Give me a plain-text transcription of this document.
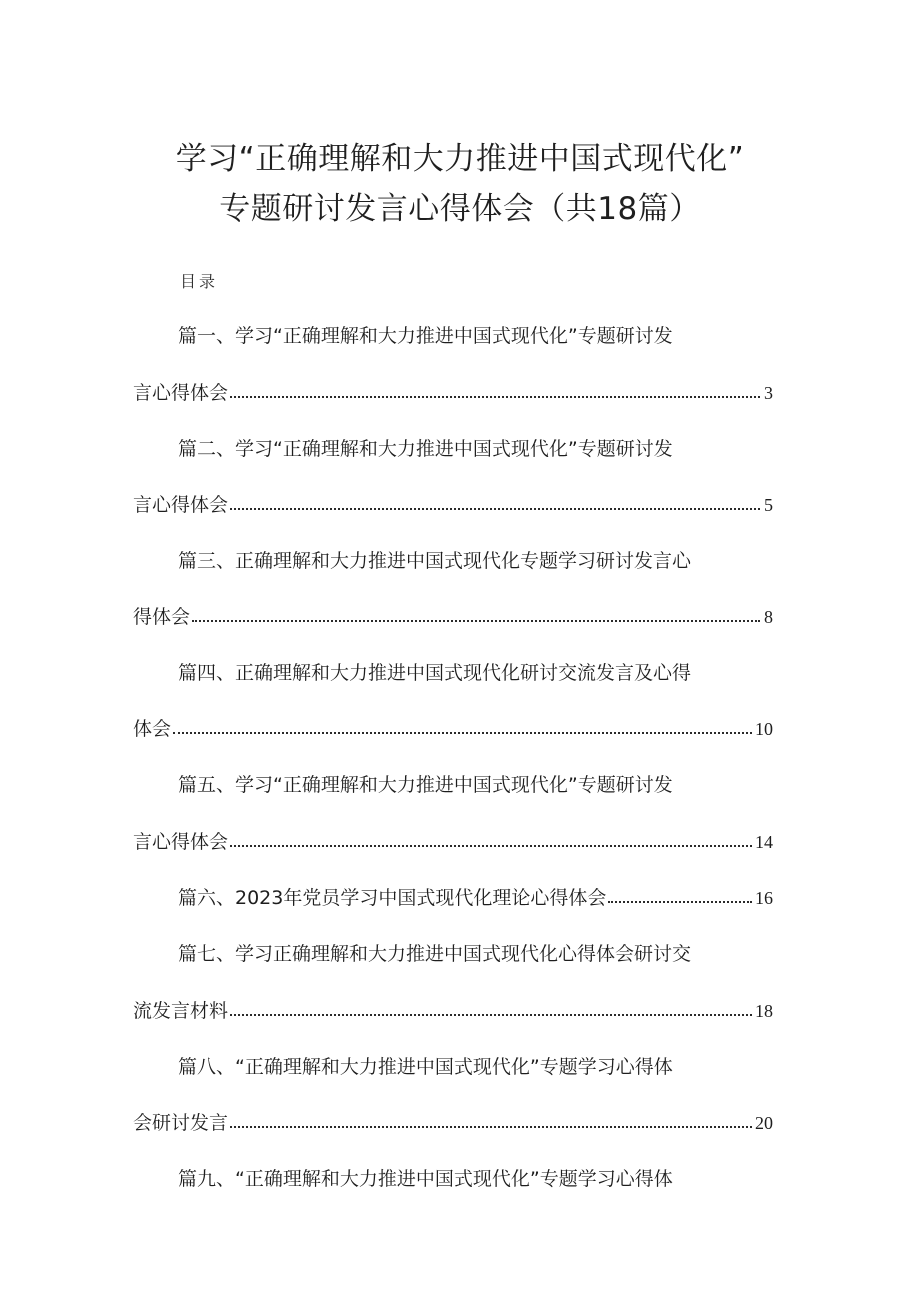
学习“正确理解和大力推进中国式现代化”
专题研讨发言心得体会（共18篇）
目录
篇一、学习“正确理解和大力推进中国式现代化”专题研讨发
言心得体会	3
篇二、学习“正确理解和大力推进中国式现代化”专题研讨发
言心得体会	5
篇三、正确理解和大力推进中国式现代化专题学习研讨发言心
得体会	8
篇四、正确理解和大力推进中国式现代化研讨交流发言及心得
体会	10
篇五、学习“正确理解和大力推进中国式现代化”专题研讨发
言心得体会	14
篇六、2023年党员学习中国式现代化理论心得体会	16
篇七、学习正确理解和大力推进中国式现代化心得体会研讨交
流发言材料	18
篇八、“正确理解和大力推进中国式现代化”专题学习心得体
会研讨发言	20
篇九、“正确理解和大力推进中国式现代化”专题学习心得体
